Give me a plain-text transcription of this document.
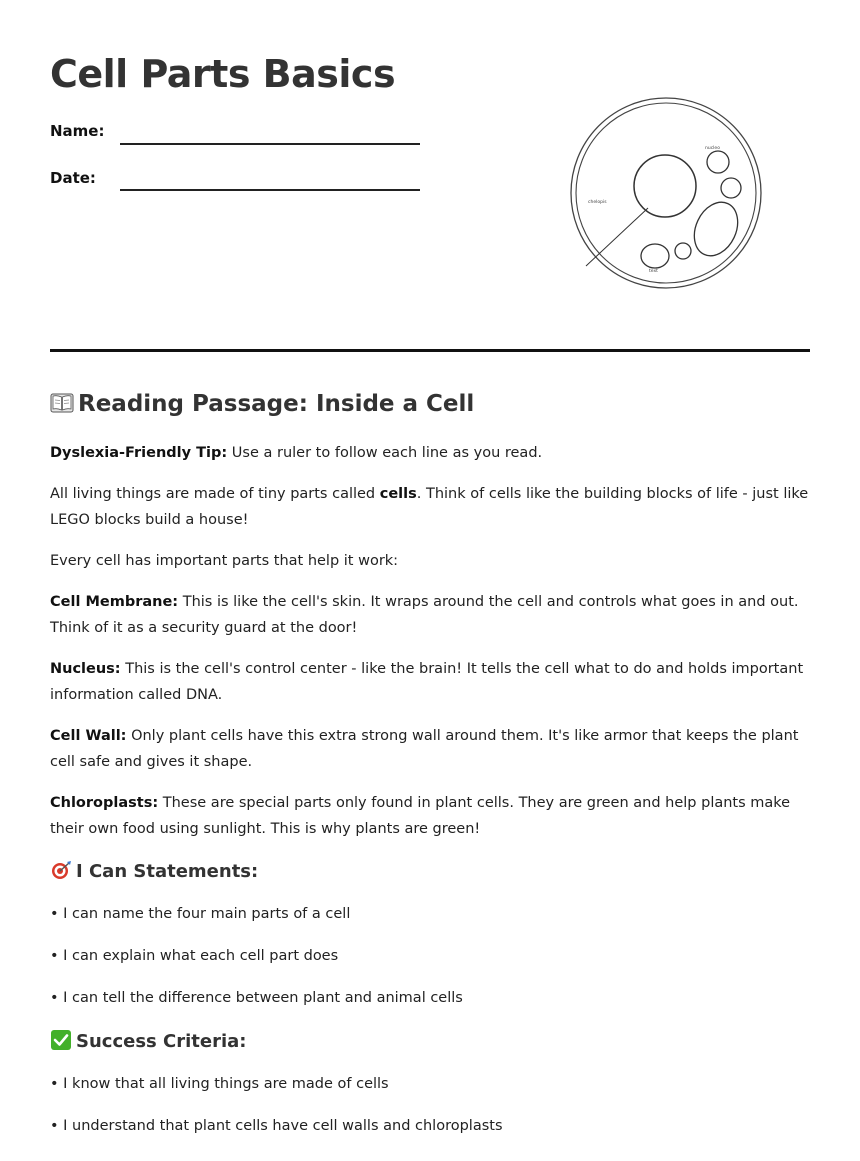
Cell Parts Basics
Name:
Date:
nucleo
chelopis
text
Reading Passage: Inside a Cell

Dyslexia-Friendly Tip: Use a ruler to follow each line as you read.

All living things are made of tiny parts called cells. Think of cells like the building blocks of life - just like LEGO blocks build a house!

Every cell has important parts that help it work:

Cell Membrane: This is like the cell's skin. It wraps around the cell and controls what goes in and out. Think of it as a security guard at the door!

Nucleus: This is the cell's control center - like the brain! It tells the cell what to do and holds important information called DNA.

Cell Wall: Only plant cells have this extra strong wall around them. It's like armor that keeps the plant cell safe and gives it shape.

Chloroplasts: These are special parts only found in plant cells. They are green and help plants make their own food using sunlight. This is why plants are green!

I Can Statements:
• I can name the four main parts of a cell
• I can explain what each cell part does
• I can tell the difference between plant and animal cells
Success Criteria:
• I know that all living things are made of cells
• I understand that plant cells have cell walls and chloroplasts
